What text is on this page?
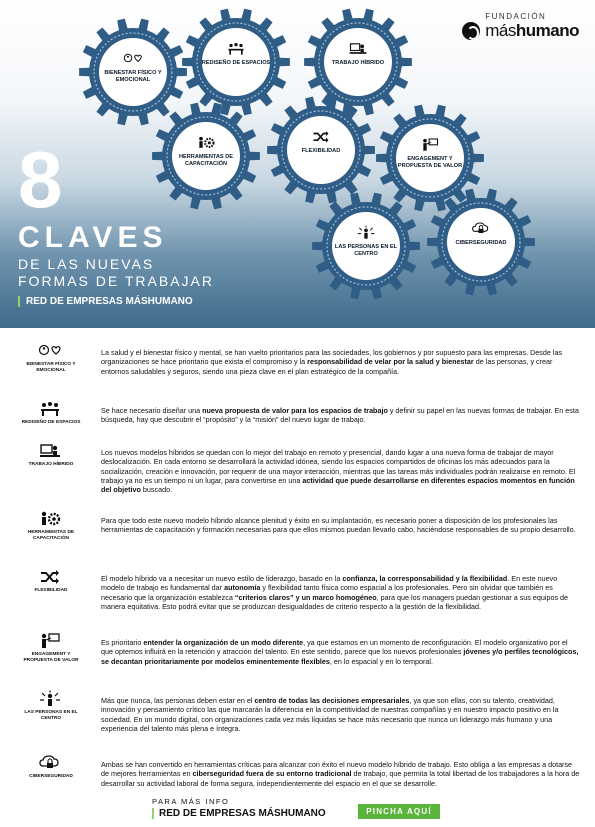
BIENESTAR FÍSICO Y EMOCIONAL
REDISEÑO DE ESPACIOS	TRABAJO HÍBRIDO
HERRAMIENTAS DE CAPACITACIÓN
FLEXIBILIDAD
ENGAGEMENT Y PROPUESTA DE VALOR
LAS PERSONAS EN EL CENTRO
CIBERSEGURIDAD
FUNDACIÓN
máshumano
8
CLAVES
DE LAS NUEVAS
FORMAS DE TRABAJAR
RED DE EMPRESAS MÁSHUMANO
BIENESTAR FÍSICO Y EMOCIONAL

La salud y el bienestar físico y mental, se han vuelto prioritarios para las sociedades, los gobiernos y por supuesto para las empresas. Desde las organizaciones se hace prioritario que exista el compromiso y la responsabilidad de velar por la salud y bienestar de las personas, y crear entornos saludables y seguros, siendo una pieza clave en el plan estratégico de la compañía.

REDISEÑO DE ESPACIOS

Se hace necesario diseñar una nueva propuesta de valor para los espacios de trabajo y definir su papel en las nuevas formas de trabajar. En esta búsqueda, hay que descubrir el “propósito” y la “misión” del nuevo lugar de trabajo.

TRABAJO HÍBRIDO

Los nuevos modelos híbridos se quedan con lo mejor del trabajo en remoto y presencial, dando lugar a una nueva forma de trabajar de mayor deslocalización. En cada entorno se desarrollará la actividad idónea, siendo los espacios compartidos de oficinas los más adecuados para la socialización, creación e innovación, por requerir de una mayor interacción, mientras que las tareas más individuales podrán realizarse en remoto. El trabajo ya no es un tiempo ni un lugar, para convertirse en una actividad que puede desarrollarse en diferentes espacios momentos en función del objetivo buscado.

HERRAMIENTAS DE CAPACITACIÓN

Para que todo este nuevo modelo híbrido alcance plenitud y éxito en su implantación, es necesario poner a disposición de los profesionales las herramientas de capacitación y formación necesarias para que ellos mismos puedan llevarlo cabo, haciéndose responsables de su propio desarrollo.

FLEXIBILIDAD

El modelo híbrido va a necesitar un nuevo estilo de liderazgo, basado en la confianza, la corresponsabilidad y la flexibilidad. En este nuevo modelo de trabajo es fundamental dar autonomía y flexibilidad tanto física como espacial a los profesionales. Pero sin olvidar que también es necesario que la organización establezca “criterios claros” y un marco homogéneo, para que los managers puedan gestionar a sus equipos de manera equitativa. Esto podrá evitar que se produzcan desigualdades de criterio respecto a la gestión de la flexibilidad.

ENGAGEMENT Y PROPUESTA DE VALOR

Es prioritario entender la organización de un modo diferente, ya que estamos en un momento de reconfiguración. El modelo organizativo por el que optemos influirá en la retención y atracción del talento. En este sentido, parece que los nuevos profesionales jóvenes y/o perfiles tecnológicos, se decantan prioritariamente por modelos eminentemente flexibles, en lo espacial y en lo temporal.

LAS PERSONAS EN EL CENTRO

Más que nunca, las personas deben estar en el centro de todas las decisiones empresariales, ya que son ellas, con su talento, creatividad, innovación y pensamiento crítico las que marcarán la diferencia en la competitividad de nuestras compañías y en nuestro impacto positivo en la sociedad. En un mundo digital, con organizaciones cada vez más líquidas se hace más necesario que nunca un liderazgo más humano y una experiencia del talento más plena e íntegra.

CIBERSEGURIDAD

Ambas se han convertido en herramientas críticas para alcanzar con éxito el nuevo modelo híbrido de trabajo. Esto obliga a las empresas a dotarse de mejores herramientas en ciberseguridad fuera de su entorno tradicional de trabajo, que permita la total libertad de los trabajadores a la hora de desarrollar su actividad laboral de forma segura, independientemente del espacio en el que se desarrolle.

PARA MÁS INFO
RED DE EMPRESAS MÁSHUMANO	PINCHA AQUÍ
